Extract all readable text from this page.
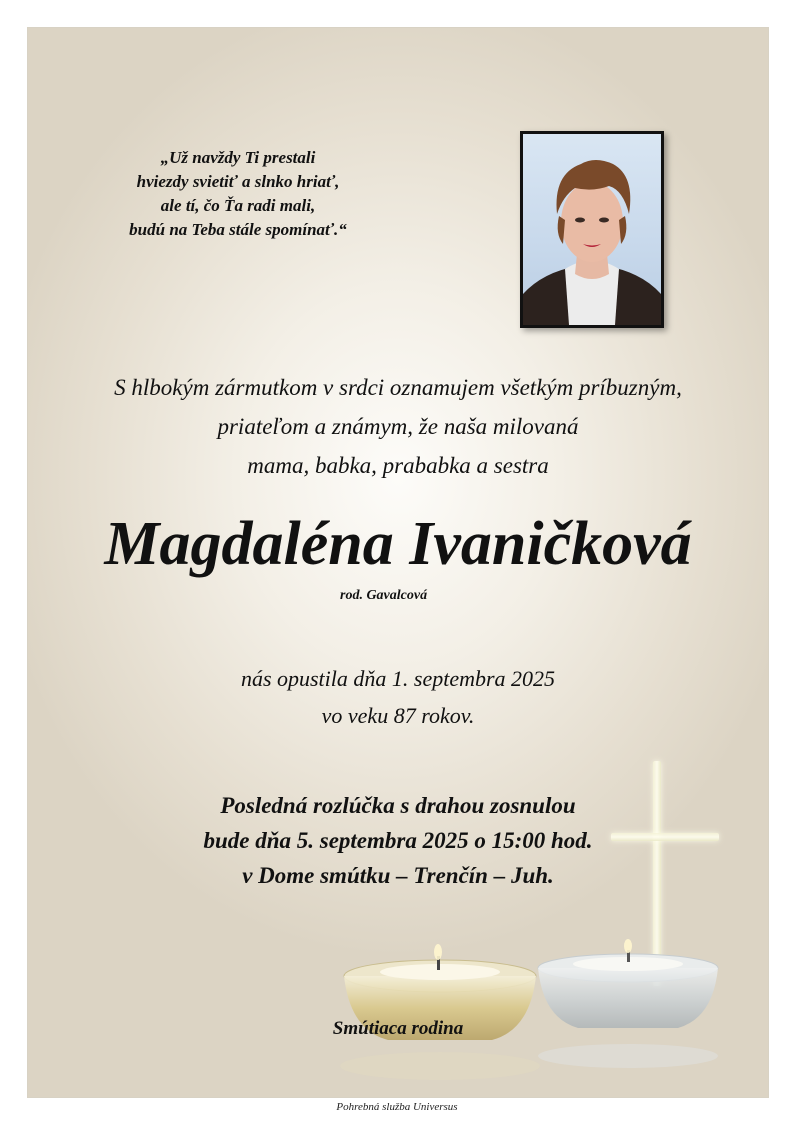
„Už navždy Ti prestali
hviezdy svietiť a slnko hriať,
ale tí, čo Ťa radi mali,
budú na Teba stále spomínať.“
S hlbokým zármutkom v srdci oznamujem všetkým príbuzným,
priateľom a známym, že naša milovaná
mama, babka, prababka a sestra
Magdaléna Ivaničková
rod. Gavalcová
nás opustila dňa 1. septembra 2025
vo veku 87 rokov.
Posledná rozlúčka s drahou zosnulou
bude dňa 5. septembra 2025 o 15:00 hod.
v Dome smútku – Trenčín – Juh.
Smútiaca rodina
Pohrebná služba Universus
